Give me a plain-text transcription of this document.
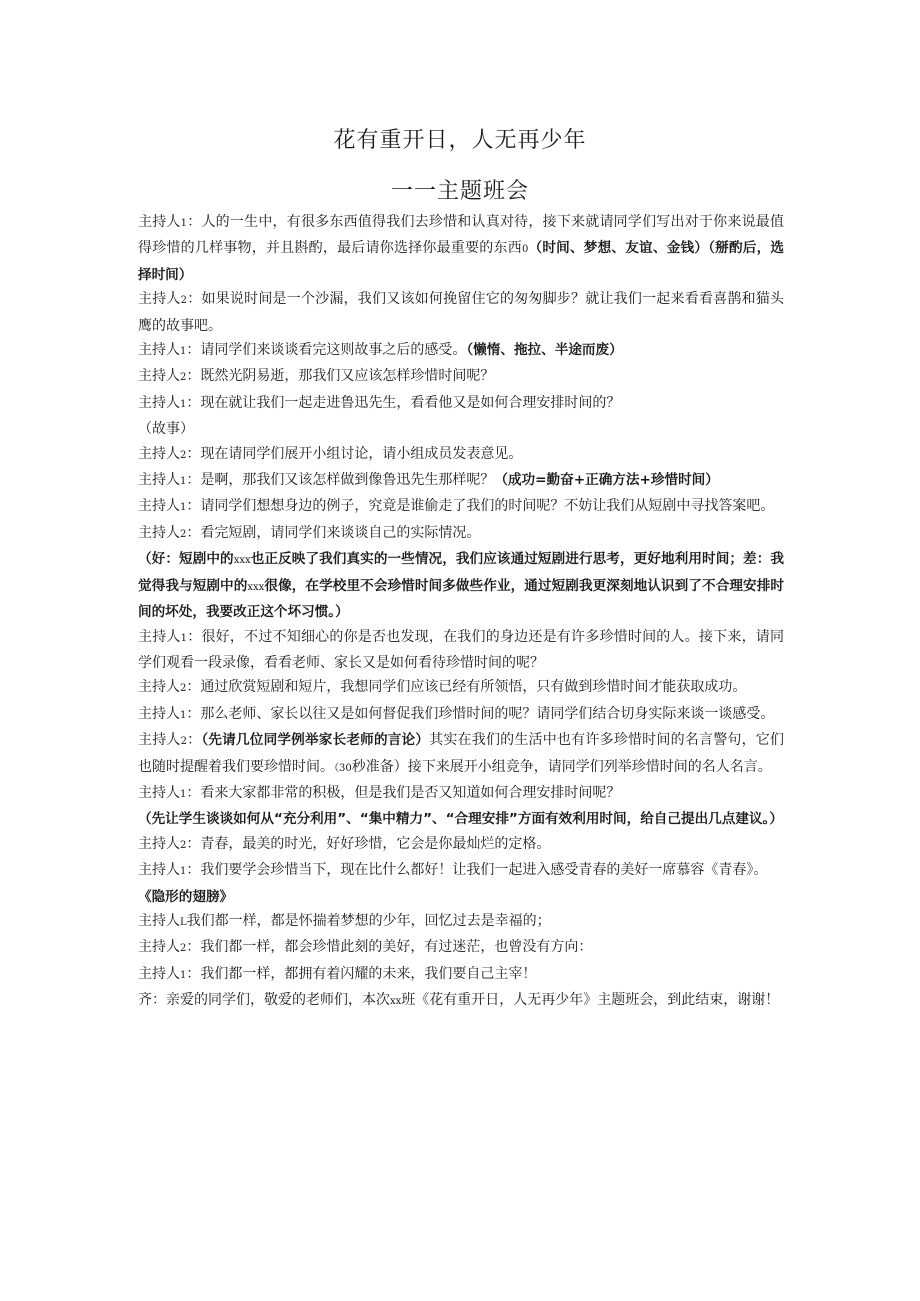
花有重开日，人无再少年
一一主题班会

主持人1：人的一生中，有很多东西值得我们去珍惜和认真对待，接下来就请同学们写出对于你来说最值得珍惜的几样事物，并且斟酌，最后请你选择你最重要的东西0（时间、梦想、友谊、金钱）（掰酌后，选择时间）

主持人2：如果说时间是一个沙漏，我们又该如何挽留住它的匆匆脚步？就让我们一起来看看喜鹊和猫头鹰的故事吧。

主持人1：请同学们来谈谈看完这则故事之后的感受。（懒惰、拖拉、半途而废）

主持人2：既然光阴易逝，那我们又应该怎样珍惜时间呢？

主持人1：现在就让我们一起走进鲁迅先生，看看他又是如何合理安排时间的？

（故事）

主持人2：现在请同学们展开小组讨论，请小组成员发表意见。

主持人1：是啊，那我们又该怎样做到像鲁迅先生那样呢？（成功=勤奋+正确方法+珍惜时间）

主持人1：请同学们想想身边的例子，究竟是谁偷走了我们的时间呢？不妨让我们从短剧中寻找答案吧。

主持人2：看完短剧，请同学们来谈谈自己的实际情况。

（好：短剧中的xxx也正反映了我们真实的一些情况，我们应该通过短剧进行思考，更好地利用时间；差：我觉得我与短剧中的xxx很像，在学校里不会珍惜时间多做些作业，通过短剧我更深刻地认识到了不合理安排时间的坏处，我要改正这个坏习惯。）

主持人1：很好，不过不知细心的你是否也发现，在我们的身边还是有许多珍惜时间的人。接下来，请同学们观看一段录像，看看老师、家长又是如何看待珍惜时间的呢？

主持人2：通过欣赏短剧和短片，我想同学们应该已经有所领悟，只有做到珍惜时间才能获取成功。

主持人1：那么老师、家长以往又是如何督促我们珍惜时间的呢？请同学们结合切身实际来谈一谈感受。

主持人2：（先请几位同学例举家长老师的言论）其实在我们的生活中也有许多珍惜时间的名言警句，它们也随时提醒着我们要珍惜时间。（30秒准备）接下来展开小组竞争，请同学们列举珍惜时间的名人名言。

主持人1：看来大家都非常的积极，但是我们是否又知道如何合理安排时间呢？

（先让学生谈谈如何从“充分利用”、“集中精力”、“合理安排”方面有效利用时间，给自己提出几点建议。）

主持人2：青春，最美的时光，好好珍惜，它会是你最灿烂的定格。

主持人1：我们要学会珍惜当下，现在比什么都好！让我们一起进入感受青春的美好一席慕容《青春》。

《隐形的翅膀》

主持人L我们都一样，都是怀揣着梦想的少年，回忆过去是幸福的；

主持人2：我们都一样，都会珍惜此刻的美好，有过迷茫，也曾没有方向：

主持人1：我们都一样，都拥有着闪耀的未来，我们要自己主宰！

齐：亲爱的同学们，敬爱的老师们，本次xx班《花有重开日，人无再少年》主题班会，到此结束，谢谢！
